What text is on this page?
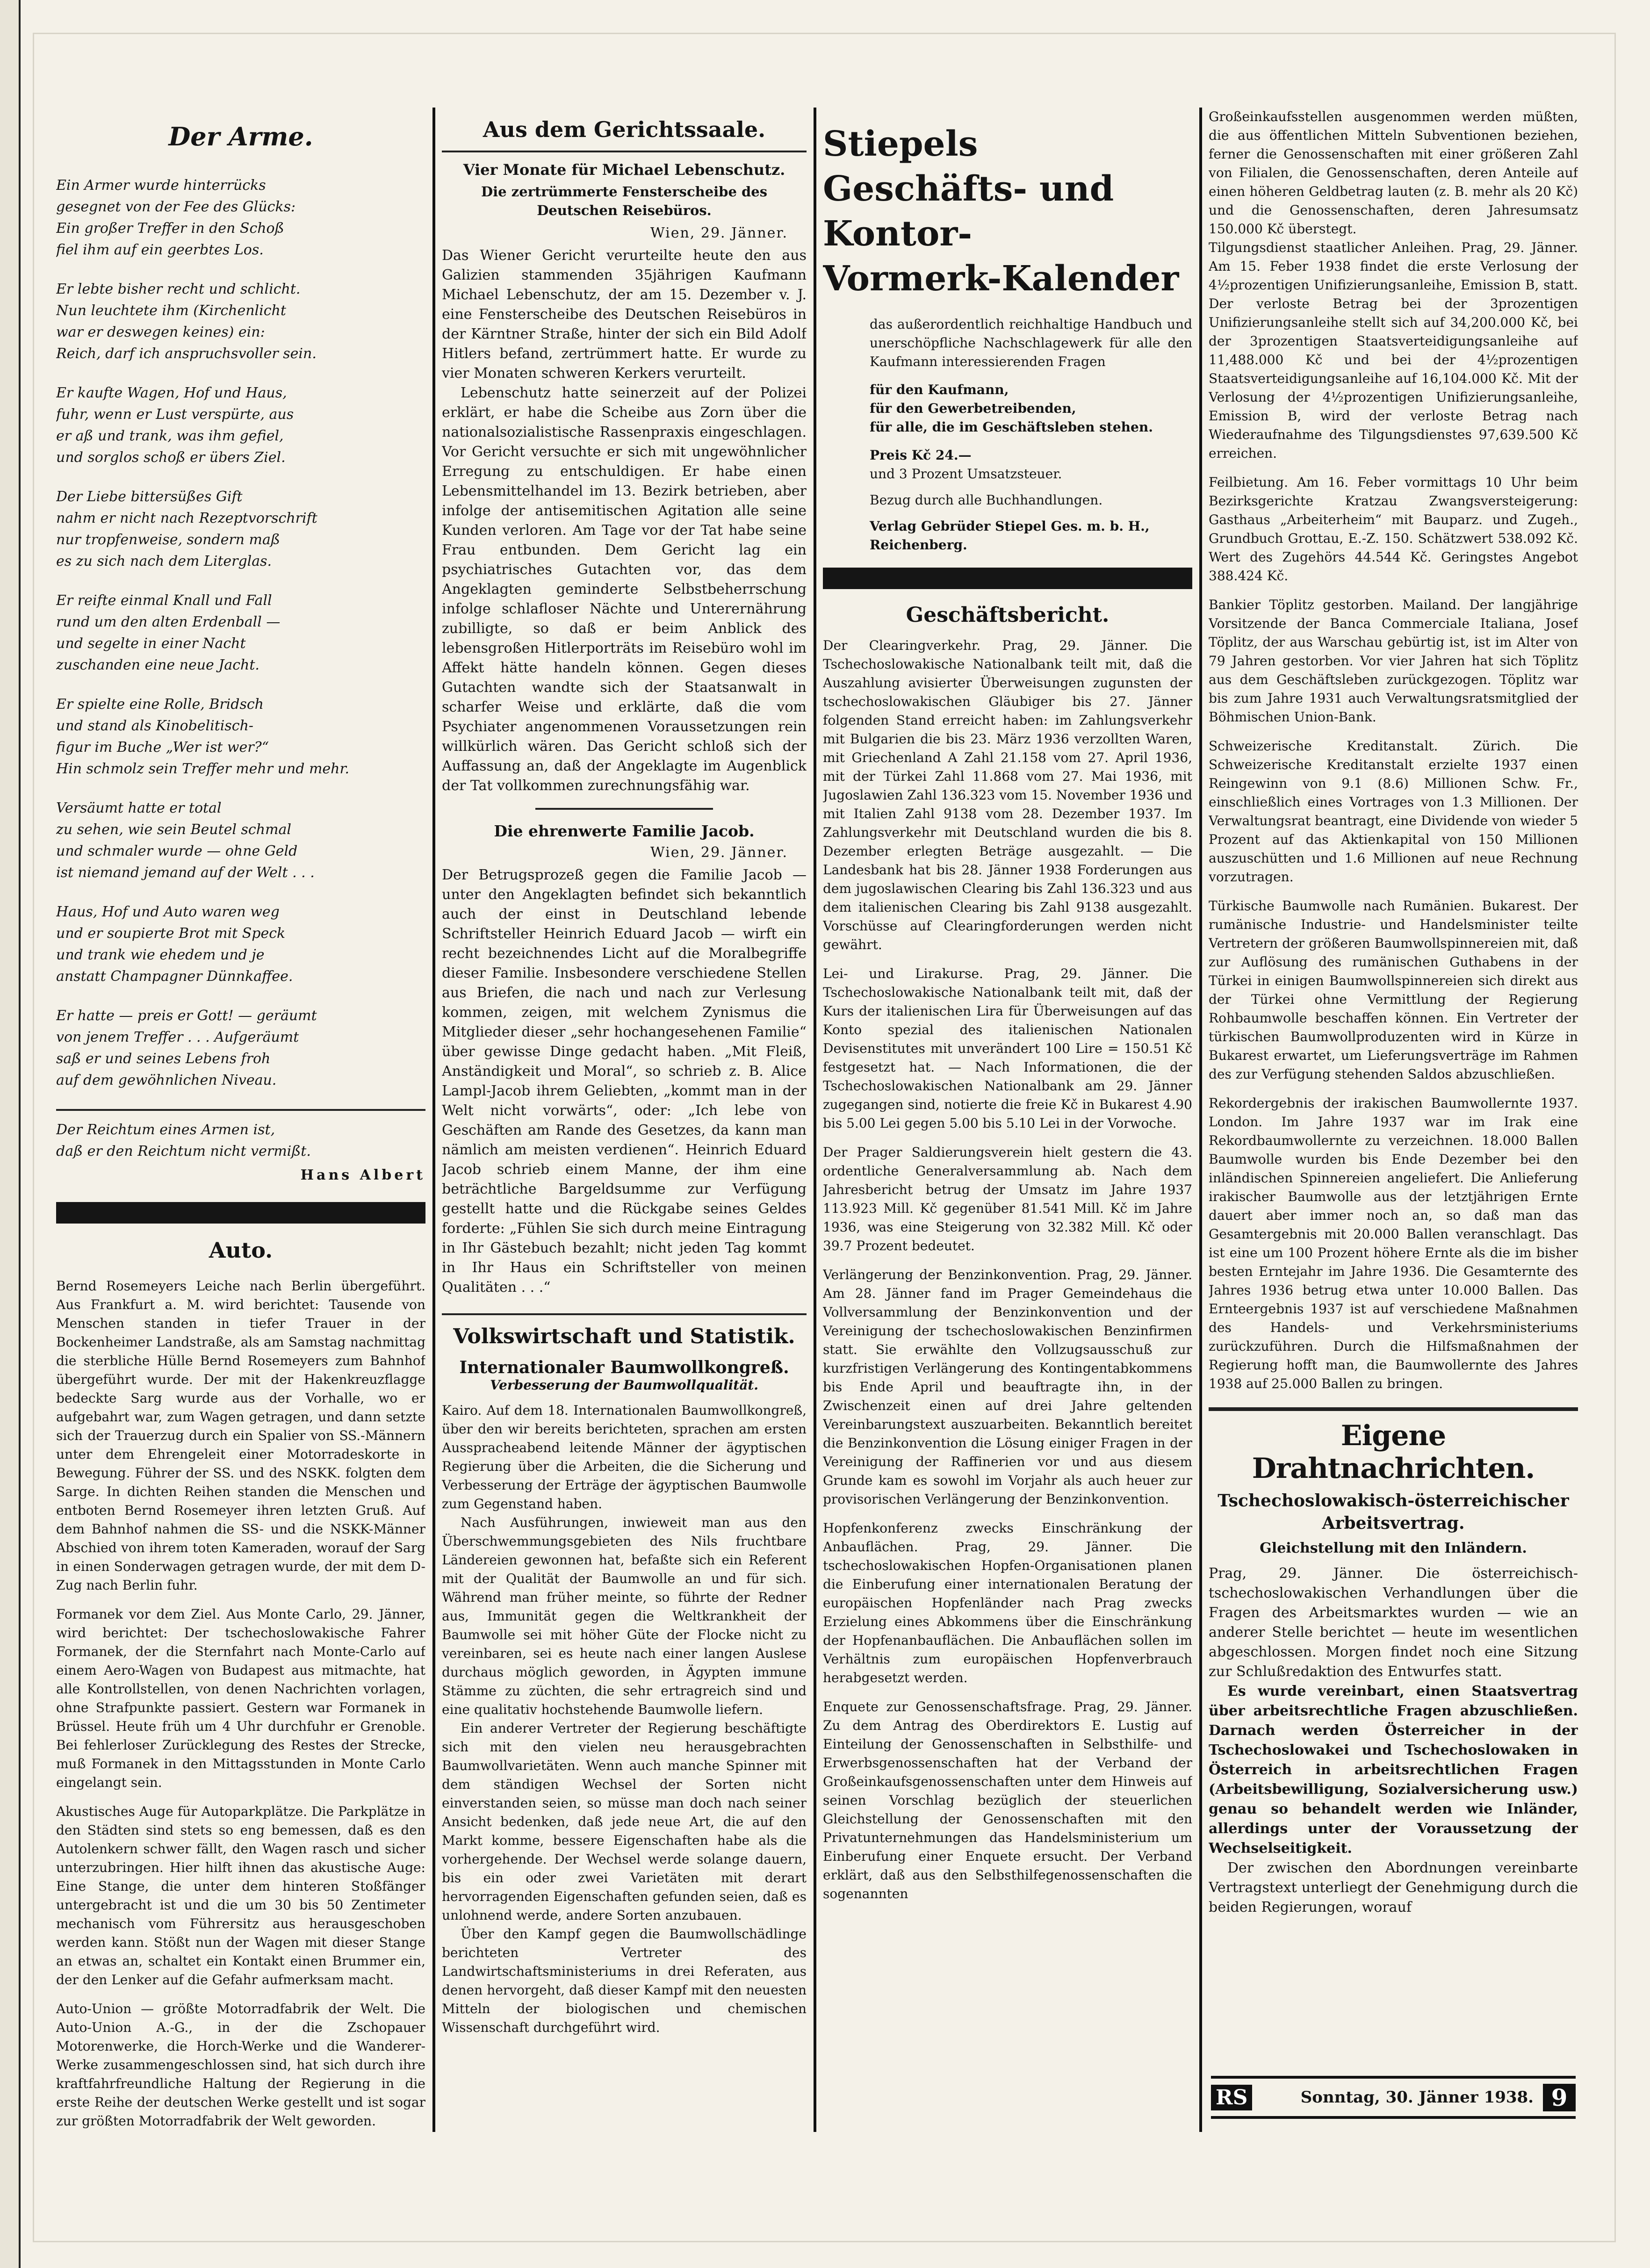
Der Arme.
Ein Armer wurde hinterrücks
gesegnet von der Fee des Glücks:
Ein großer Treffer in den Schoß
fiel ihm auf ein geerbtes Los.
Er lebte bisher recht und schlicht.
Nun leuchtete ihm (Kirchenlicht
war er deswegen keines) ein:
Reich, darf ich anspruchsvoller sein.
Er kaufte Wagen, Hof und Haus,
fuhr, wenn er Lust verspürte, aus
er aß und trank, was ihm gefiel,
und sorglos schoß er übers Ziel.
Der Liebe bittersüßes Gift
nahm er nicht nach Rezeptvorschrift
nur tropfenweise, sondern maß
es zu sich nach dem Literglas.
Er reifte einmal Knall und Fall
rund um den alten Erdenball —
und segelte in einer Nacht
zuschanden eine neue Jacht.
Er spielte eine Rolle, Bridsch
und stand als Kinobelitisch-
figur im Buche „Wer ist wer?“
Hin schmolz sein Treffer mehr und mehr.
Versäumt hatte er total
zu sehen, wie sein Beutel schmal
und schmaler wurde — ohne Geld
ist niemand jemand auf der Welt . . .
Haus, Hof und Auto waren weg
und er soupierte Brot mit Speck
und trank wie ehedem und je
anstatt Champagner Dünnkaffee.
Er hatte — preis er Gott! — geräumt
von jenem Treffer . . . Aufgeräumt
saß er und seines Lebens froh
auf dem gewöhnlichen Niveau.
Der Reichtum eines Armen ist,
daß er den Reichtum nicht vermißt.
Hans Albert
Auto.

Bernd Rosemeyers Leiche nach Berlin übergeführt. Aus Frankfurt a. M. wird berichtet: Tausende von Menschen standen in tiefer Trauer in der Bockenheimer Landstraße, als am Samstag nachmittag die sterbliche Hülle Bernd Rosemeyers zum Bahnhof übergeführt wurde. Der mit der Hakenkreuzflagge bedeckte Sarg wurde aus der Vorhalle, wo er aufgebahrt war, zum Wagen getragen, und dann setzte sich der Trauerzug durch ein Spalier von SS.-Männern unter dem Ehrengeleit einer Motorradeskorte in Bewegung. Führer der SS. und des NSKK. folgten dem Sarge. In dichten Reihen standen die Menschen und entboten Bernd Rosemeyer ihren letzten Gruß. Auf dem Bahnhof nahmen die SS- und die NSKK-Männer Abschied von ihrem toten Kameraden, worauf der Sarg in einen Sonderwagen getragen wurde, der mit dem D-Zug nach Berlin fuhr.

Formanek vor dem Ziel. Aus Monte Carlo, 29. Jänner, wird berichtet: Der tschechoslowakische Fahrer Formanek, der die Sternfahrt nach Monte-Carlo auf einem Aero-Wagen von Budapest aus mitmachte, hat alle Kontrollstellen, von denen Nachrichten vorlagen, ohne Strafpunkte passiert. Gestern war Formanek in Brüssel. Heute früh um 4 Uhr durchfuhr er Grenoble. Bei fehlerloser Zurücklegung des Restes der Strecke, muß Formanek in den Mittagsstunden in Monte Carlo eingelangt sein.

Akustisches Auge für Autoparkplätze. Die Parkplätze in den Städten sind stets so eng bemessen, daß es den Autolenkern schwer fällt, den Wagen rasch und sicher unterzubringen. Hier hilft ihnen das akustische Auge: Eine Stange, die unter dem hinteren Stoßfänger untergebracht ist und die um 30 bis 50 Zentimeter mechanisch vom Führersitz aus herausgeschoben werden kann. Stößt nun der Wagen mit dieser Stange an etwas an, schaltet ein Kontakt einen Brummer ein, der den Lenker auf die Gefahr aufmerksam macht.

Auto-Union — größte Motorradfabrik der Welt. Die Auto-Union A.-G., in der die Zschopauer Motorenwerke, die Horch-Werke und die Wanderer-Werke zusammengeschlossen sind, hat sich durch ihre kraftfahrfreundliche Haltung der Regierung in die erste Reihe der deutschen Werke gestellt und ist sogar zur größten Motorradfabrik der Welt geworden.

Aus dem Gerichtssaale.
Vier Monate für Michael Lebenschutz.
Die zertrümmerte Fensterscheibe des Deutschen Reisebüros.
Wien, 29. Jänner.

Das Wiener Gericht verurteilte heute den aus Galizien stammenden 35jährigen Kaufmann Michael Lebenschutz, der am 15. Dezember v. J. eine Fensterscheibe des Deutschen Reisebüros in der Kärntner Straße, hinter der sich ein Bild Adolf Hitlers befand, zertrümmert hatte. Er wurde zu vier Monaten schweren Kerkers verurteilt.

Lebenschutz hatte seinerzeit auf der Polizei erklärt, er habe die Scheibe aus Zorn über die nationalsozialistische Rassenpraxis eingeschlagen. Vor Gericht versuchte er sich mit ungewöhnlicher Erregung zu entschuldigen. Er habe einen Lebensmittelhandel im 13. Bezirk betrieben, aber infolge der antisemitischen Agitation alle seine Kunden verloren. Am Tage vor der Tat habe seine Frau entbunden. Dem Gericht lag ein psychiatrisches Gutachten vor, das dem Angeklagten geminderte Selbstbeherrschung infolge schlafloser Nächte und Unterernährung zubilligte, so daß er beim Anblick des lebensgroßen Hitlerporträts im Reisebüro wohl im Affekt hätte handeln können. Gegen dieses Gutachten wandte sich der Staatsanwalt in scharfer Weise und erklärte, daß die vom Psychiater angenommenen Voraussetzungen rein willkürlich wären. Das Gericht schloß sich der Auffassung an, daß der Angeklagte im Augenblick der Tat vollkommen zurechnungsfähig war.

Die ehrenwerte Familie Jacob.
Wien, 29. Jänner.

Der Betrugsprozeß gegen die Familie Jacob — unter den Angeklagten befindet sich bekanntlich auch der einst in Deutschland lebende Schriftsteller Heinrich Eduard Jacob — wirft ein recht bezeichnendes Licht auf die Moralbegriffe dieser Familie. Insbesondere verschiedene Stellen aus Briefen, die nach und nach zur Verlesung kommen, zeigen, mit welchem Zynismus die Mitglieder dieser „sehr hochangesehenen Familie“ über gewisse Dinge gedacht haben. „Mit Fleiß, Anständigkeit und Moral“, so schrieb z. B. Alice Lampl-Jacob ihrem Geliebten, „kommt man in der Welt nicht vorwärts“, oder: „Ich lebe von Geschäften am Rande des Gesetzes, da kann man nämlich am meisten verdienen“. Heinrich Eduard Jacob schrieb einem Manne, der ihm eine beträchtliche Bargeldsumme zur Verfügung gestellt hatte und die Rückgabe seines Geldes forderte: „Fühlen Sie sich durch meine Eintragung in Ihr Gästebuch bezahlt; nicht jeden Tag kommt in Ihr Haus ein Schriftsteller von meinen Qualitäten . . .“

Volkswirtschaft und Statistik.
Internationaler Baumwollkongreß.
Verbesserung der Baumwollqualität.

Kairo. Auf dem 18. Internationalen Baumwollkongreß, über den wir bereits berichteten, sprachen am ersten Ausspracheabend leitende Männer der ägyptischen Regierung über die Arbeiten, die die Sicherung und Verbesserung der Erträge der ägyptischen Baumwolle zum Gegenstand haben.

Nach Ausführungen, inwieweit man aus den Überschwemmungsgebieten des Nils fruchtbare Ländereien gewonnen hat, befaßte sich ein Referent mit der Qualität der Baumwolle an und für sich. Während man früher meinte, so führte der Redner aus, Immunität gegen die Weltkrankheit der Baumwolle sei mit höher Güte der Flocke nicht zu vereinbaren, sei es heute nach einer langen Auslese durchaus möglich geworden, in Ägypten immune Stämme zu züchten, die sehr ertragreich sind und eine qualitativ hochstehende Baumwolle liefern.

Ein anderer Vertreter der Regierung beschäftigte sich mit den vielen neu herausgebrachten Baumwollvarietäten. Wenn auch manche Spinner mit dem ständigen Wechsel der Sorten nicht einverstanden seien, so müsse man doch nach seiner Ansicht bedenken, daß jede neue Art, die auf den Markt komme, bessere Eigenschaften habe als die vorhergehende. Der Wechsel werde solange dauern, bis ein oder zwei Varietäten mit derart hervorragenden Eigenschaften gefunden seien, daß es unlohnend werde, andere Sorten anzubauen.

Über den Kampf gegen die Baumwollschädlinge berichteten Vertreter des Landwirtschaftsministeriums in drei Referaten, aus denen hervorgeht, daß dieser Kampf mit den neuesten Mitteln der biologischen und chemischen Wissenschaft durchgeführt wird.

Stiepels
Geschäfts- und Kontor-
Vormerk-Kalender

das außerordentlich reichhaltige Handbuch und unerschöpfliche Nachschlagewerk für alle den Kaufmann interessierenden Fragen

für den Kaufmann,
für den Gewerbetreibenden,
für alle, die im Geschäftsleben stehen.
Preis Kč 24.—
und 3 Prozent Umsatzsteuer.
Bezug durch alle Buchhandlungen.
Verlag Gebrüder Stiepel Ges. m. b. H., Reichenberg.
Geschäftsbericht.

Der Clearingverkehr. Prag, 29. Jänner. Die Tschechoslowakische Nationalbank teilt mit, daß die Auszahlung avisierter Überweisungen zugunsten der tschechoslowakischen Gläubiger bis 27. Jänner folgenden Stand erreicht haben: im Zahlungsverkehr mit Bulgarien die bis 23. März 1936 verzollten Waren, mit Griechenland A Zahl 21.158 vom 27. April 1936, mit der Türkei Zahl 11.868 vom 27. Mai 1936, mit Jugoslawien Zahl 136.323 vom 15. November 1936 und mit Italien Zahl 9138 vom 28. Dezember 1937. Im Zahlungsverkehr mit Deutschland wurden die bis 8. Dezember erlegten Beträge ausgezahlt. — Die Landesbank hat bis 28. Jänner 1938 Forderungen aus dem jugoslawischen Clearing bis Zahl 136.323 und aus dem italienischen Clearing bis Zahl 9138 ausgezahlt. Vorschüsse auf Clearingforderungen werden nicht gewährt.

Lei- und Lirakurse. Prag, 29. Jänner. Die Tschechoslowakische Nationalbank teilt mit, daß der Kurs der italienischen Lira für Überweisungen auf das Konto spezial des italienischen Nationalen Devisenstitutes mit unverändert 100 Lire = 150.51 Kč festgesetzt hat. — Nach Informationen, die der Tschechoslowakischen Nationalbank am 29. Jänner zugegangen sind, notierte die freie Kč in Bukarest 4.90 bis 5.00 Lei gegen 5.00 bis 5.10 Lei in der Vorwoche.

Der Prager Saldierungsverein hielt gestern die 43. ordentliche Generalversammlung ab. Nach dem Jahresbericht betrug der Umsatz im Jahre 1937 113.923 Mill. Kč gegenüber 81.541 Mill. Kč im Jahre 1936, was eine Steigerung von 32.382 Mill. Kč oder 39.7 Prozent bedeutet.

Verlängerung der Benzinkonvention. Prag, 29. Jänner. Am 28. Jänner fand im Prager Gemeindehaus die Vollversammlung der Benzinkonvention und der Vereinigung der tschechoslowakischen Benzinfirmen statt. Sie erwählte den Vollzugsausschuß zur kurzfristigen Verlängerung des Kontingentabkommens bis Ende April und beauftragte ihn, in der Zwischenzeit einen auf drei Jahre geltenden Vereinbarungstext auszuarbeiten. Bekanntlich bereitet die Benzinkonvention die Lösung einiger Fragen in der Vereinigung der Raffinerien vor und aus diesem Grunde kam es sowohl im Vorjahr als auch heuer zur provisorischen Verlängerung der Benzinkonvention.

Hopfenkonferenz zwecks Einschränkung der Anbauflächen. Prag, 29. Jänner. Die tschechoslowakischen Hopfen-Organisationen planen die Einberufung einer internationalen Beratung der europäischen Hopfenländer nach Prag zwecks Erzielung eines Abkommens über die Einschränkung der Hopfenanbauflächen. Die Anbauflächen sollen im Verhältnis zum europäischen Hopfenverbrauch herabgesetzt werden.

Enquete zur Genossenschaftsfrage. Prag, 29. Jänner. Zu dem Antrag des Oberdirektors E. Lustig auf Einteilung der Genossenschaften in Selbsthilfe- und Erwerbsgenossenschaften hat der Verband der Großeinkaufsgenossenschaften unter dem Hinweis auf seinen Vorschlag bezüglich der steuerlichen Gleichstellung der Genossenschaften mit den Privatunternehmungen das Handelsministerium um Einberufung einer Enquete ersucht. Der Verband erklärt, daß aus den Selbsthilfegenossenschaften die sogenannten

Großeinkaufsstellen ausgenommen werden müßten, die aus öffentlichen Mitteln Subventionen beziehen, ferner die Genossenschaften mit einer größeren Zahl von Filialen, die Genossenschaften, deren Anteile auf einen höheren Geldbetrag lauten (z. B. mehr als 20 Kč) und die Genossenschaften, deren Jahresumsatz 150.000 Kč überstegt.

Tilgungsdienst staatlicher Anleihen. Prag, 29. Jänner. Am 15. Feber 1938 findet die erste Verlosung der 4½prozentigen Unifizierungsanleihe, Emission B, statt. Der verloste Betrag bei der 3prozentigen Unifizierungsanleihe stellt sich auf 34,200.000 Kč, bei der 3prozentigen Staatsverteidigungsanleihe auf 11,488.000 Kč und bei der 4½prozentigen Staatsverteidigungsanleihe auf 16,104.000 Kč. Mit der Verlosung der 4½prozentigen Unifizierungsanleihe, Emission B, wird der verloste Betrag nach Wiederaufnahme des Tilgungsdienstes 97,639.500 Kč erreichen.

Feilbietung. Am 16. Feber vormittags 10 Uhr beim Bezirksgerichte Kratzau Zwangsversteigerung: Gasthaus „Arbeiterheim“ mit Bauparz. und Zugeh., Grundbuch Grottau, E.-Z. 150. Schätzwert 538.092 Kč. Wert des Zugehörs 44.544 Kč. Geringstes Angebot 388.424 Kč.

Bankier Töplitz gestorben. Mailand. Der langjährige Vorsitzende der Banca Commerciale Italiana, Josef Töplitz, der aus Warschau gebürtig ist, ist im Alter von 79 Jahren gestorben. Vor vier Jahren hat sich Töplitz aus dem Geschäftsleben zurückgezogen. Töplitz war bis zum Jahre 1931 auch Verwaltungsratsmitglied der Böhmischen Union-Bank.

Schweizerische Kreditanstalt. Zürich. Die Schweizerische Kreditanstalt erzielte 1937 einen Reingewinn von 9.1 (8.6) Millionen Schw. Fr., einschließlich eines Vortrages von 1.3 Millionen. Der Verwaltungsrat beantragt, eine Dividende von wieder 5 Prozent auf das Aktienkapital von 150 Millionen auszuschütten und 1.6 Millionen auf neue Rechnung vorzutragen.

Türkische Baumwolle nach Rumänien. Bukarest. Der rumänische Industrie- und Handelsminister teilte Vertretern der größeren Baumwollspinnereien mit, daß zur Auflösung des rumänischen Guthabens in der Türkei in einigen Baumwollspinnereien sich direkt aus der Türkei ohne Vermittlung der Regierung Rohbaumwolle beschaffen können. Ein Vertreter der türkischen Baumwollproduzenten wird in Kürze in Bukarest erwartet, um Lieferungsverträge im Rahmen des zur Verfügung stehenden Saldos abzuschließen.

Rekordergebnis der irakischen Baumwollernte 1937. London. Im Jahre 1937 war im Irak eine Rekordbaumwollernte zu verzeichnen. 18.000 Ballen Baumwolle wurden bis Ende Dezember bei den inländischen Spinnereien angeliefert. Die Anlieferung irakischer Baumwolle aus der letztjährigen Ernte dauert aber immer noch an, so daß man das Gesamtergebnis mit 20.000 Ballen veranschlagt. Das ist eine um 100 Prozent höhere Ernte als die im bisher besten Erntejahr im Jahre 1936. Die Gesamternte des Jahres 1936 betrug etwa unter 10.000 Ballen. Das Ernteergebnis 1937 ist auf verschiedene Maßnahmen des Handels- und Verkehrsministeriums zurückzuführen. Durch die Hilfsmaßnahmen der Regierung hofft man, die Baumwollernte des Jahres 1938 auf 25.000 Ballen zu bringen.

Eigene Drahtnachrichten.
Tschechoslowakisch-österreichischer Arbeitsvertrag.
Gleichstellung mit den Inländern.

Prag, 29. Jänner. Die österreichisch-tschechoslowakischen Verhandlungen über die Fragen des Arbeitsmarktes wurden — wie an anderer Stelle berichtet — heute im wesentlichen abgeschlossen. Morgen findet noch eine Sitzung zur Schlußredaktion des Entwurfes statt.

Es wurde vereinbart, einen Staatsvertrag über arbeitsrechtliche Fragen abzuschließen. Darnach werden Österreicher in der Tschechoslowakei und Tschechoslowaken in Österreich in arbeitsrechtlichen Fragen (Arbeitsbewilligung, Sozialversicherung usw.) genau so behandelt werden wie Inländer, allerdings unter der Voraussetzung der Wechselseitigkeit.

Der zwischen den Abordnungen vereinbarte Vertragstext unterliegt der Genehmigung durch die beiden Regierungen, worauf

RS	Sonntag, 30. Jänner 1938. 9
